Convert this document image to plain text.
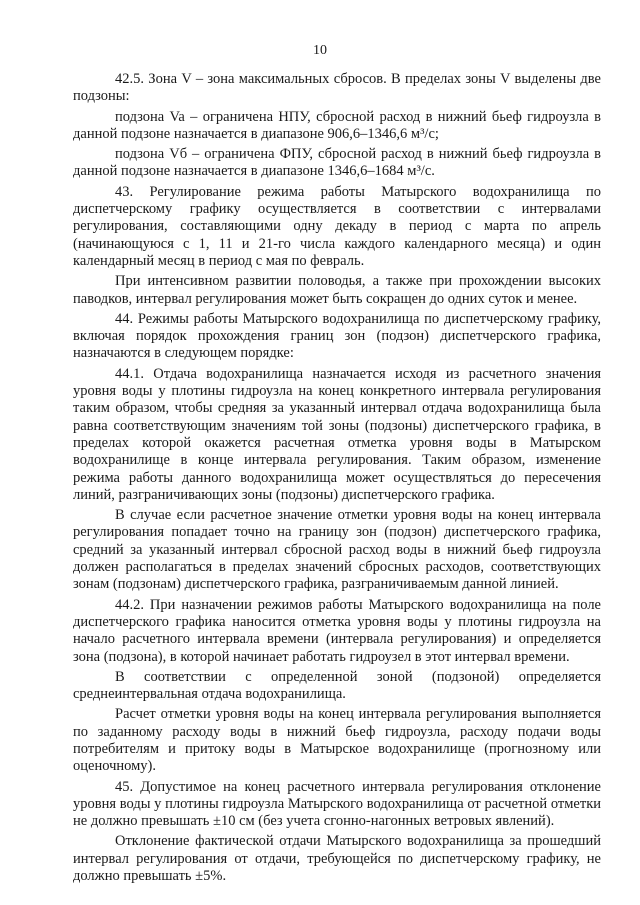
10

42.5. Зона V – зона максимальных сбросов. В пределах зоны V выделены две подзоны:

подзона Va – ограничена НПУ, сбросной расход в нижний бьеф гидроузла в данной подзоне назначается в диапазоне 906,6–1346,6 м³/с;

подзона Vб – ограничена ФПУ, сбросной расход в нижний бьеф гидроузла в данной подзоне назначается в диапазоне 1346,6–1684 м³/с.

43. Регулирование режима работы Матырского водохранилища по диспетчерскому графику осуществляется в соответствии с интервалами регулирования, составляющими одну декаду в период с марта по апрель (начинающуюся с 1, 11 и 21-го числа каждого календарного месяца) и один календарный месяц в период с мая по февраль.

При интенсивном развитии половодья, а также при прохождении высоких паводков, интервал регулирования может быть сокращен до одних суток и менее.

44. Режимы работы Матырского водохранилища по диспетчерскому графику, включая порядок прохождения границ зон (подзон) диспетчерского графика, назначаются в следующем порядке:

44.1. Отдача водохранилища назначается исходя из расчетного значения уровня воды у плотины гидроузла на конец конкретного интервала регулирования таким образом, чтобы средняя за указанный интервал отдача водохранилища была равна соответствующим значениям той зоны (подзоны) диспетчерского графика, в пределах которой окажется расчетная отметка уровня воды в Матырском водохранилище в конце интервала регулирования. Таким образом, изменение режима работы данного водохранилища может осуществляться до пересечения линий, разграничивающих зоны (подзоны) диспетчерского графика.

В случае если расчетное значение отметки уровня воды на конец интервала регулирования попадает точно на границу зон (подзон) диспетчерского графика, средний за указанный интервал сбросной расход воды в нижний бьеф гидроузла должен располагаться в пределах значений сбросных расходов, соответствующих зонам (подзонам) диспетчерского графика, разграничиваемым данной линией.

44.2. При назначении режимов работы Матырского водохранилища на поле диспетчерского графика наносится отметка уровня воды у плотины гидроузла на начало расчетного интервала времени (интервала регулирования) и определяется зона (подзона), в которой начинает работать гидроузел в этот интервал времени.

В соответствии с определенной зоной (подзоной) определяется среднеинтервальная отдача водохранилища.

Расчет отметки уровня воды на конец интервала регулирования выполняется по заданному расходу воды в нижний бьеф гидроузла, расходу подачи воды потребителям и притоку воды в Матырское водохранилище (прогнозному или оценочному).

45. Допустимое на конец расчетного интервала регулирования отклонение уровня воды у плотины гидроузла Матырского водохранилища от расчетной отметки не должно превышать ±10 см (без учета сгонно-нагонных ветровых явлений).

Отклонение фактической отдачи Матырского водохранилища за прошедший интервал регулирования от отдачи, требующейся по диспетчерскому графику, не должно превышать ±5%.
